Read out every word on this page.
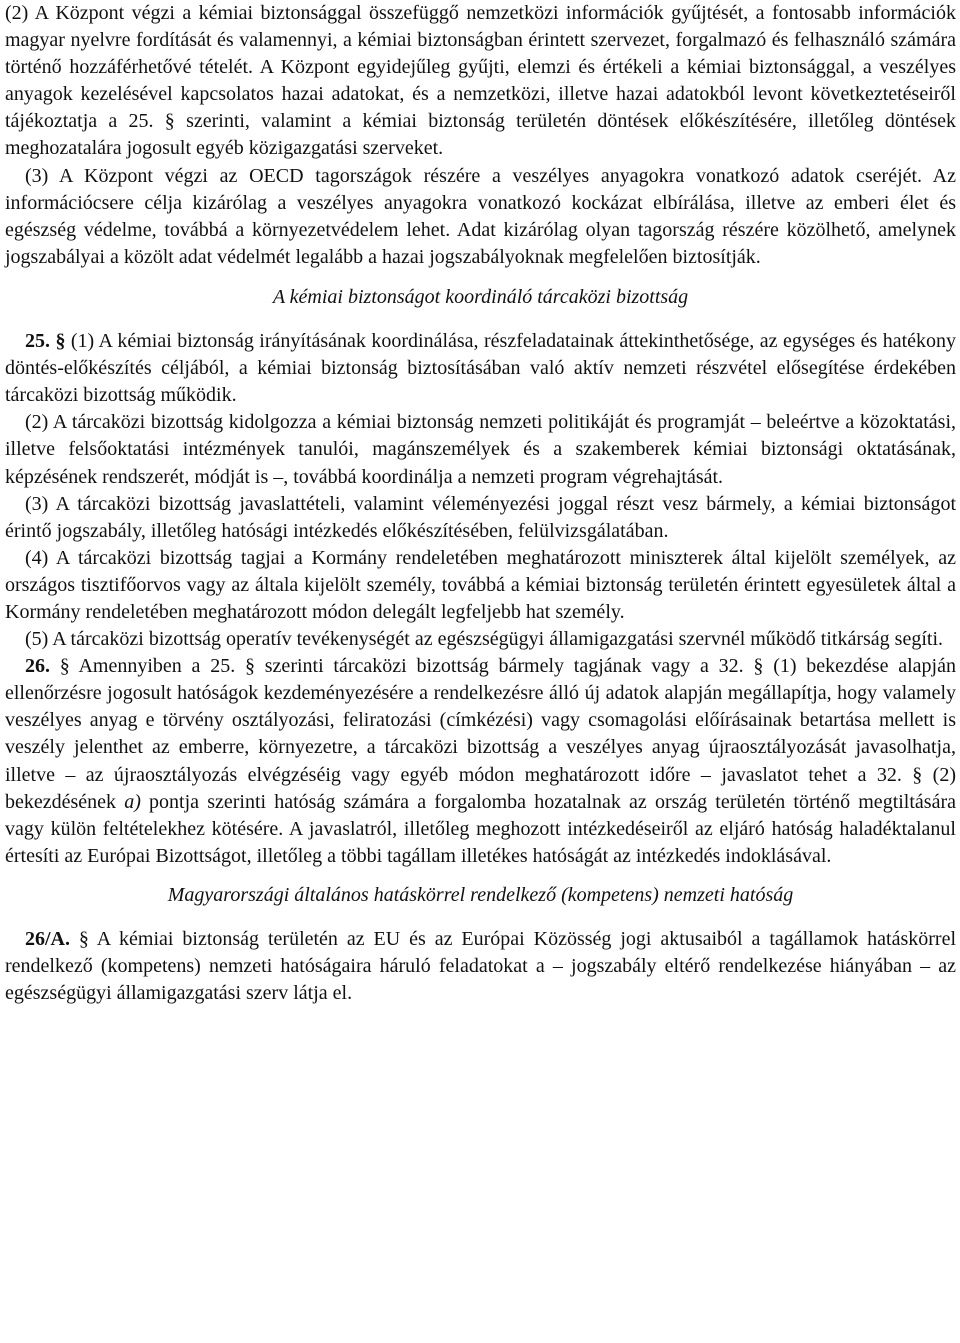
(2) A Központ végzi a kémiai biztonsággal összefüggő nemzetközi információk gyűjtését, a fontosabb információk magyar nyelvre fordítását és valamennyi, a kémiai biztonságban érintett szervezet, forgalmazó és felhasználó számára történő hozzáférhetővé tételét. A Központ egyidejűleg gyűjti, elemzi és értékeli a kémiai biztonsággal, a veszélyes anyagok kezelésével kapcsolatos hazai adatokat, és a nemzetközi, illetve hazai adatokból levont következtetéseiről tájékoztatja a 25. § szerinti, valamint a kémiai biztonság területén döntések előkészítésére, illetőleg döntések meghozatalára jogosult egyéb közigazgatási szerveket.

(3) A Központ végzi az OECD tagországok részére a veszélyes anyagokra vonatkozó adatok cseréjét. Az információcsere célja kizárólag a veszélyes anyagokra vonatkozó kockázat elbírálása, illetve az emberi élet és egészség védelme, továbbá a környezetvédelem lehet. Adat kizárólag olyan tagország részére közölhető, amelynek jogszabályai a közölt adat védelmét legalább a hazai jogszabályoknak megfelelően biztosítják.

A kémiai biztonságot koordináló tárcaközi bizottság

25. § (1) A kémiai biztonság irányításának koordinálása, részfeladatainak áttekinthetősége, az egységes és hatékony döntés-előkészítés céljából, a kémiai biztonság biztosításában való aktív nemzeti részvétel elősegítése érdekében tárcaközi bizottság működik.

(2) A tárcaközi bizottság kidolgozza a kémiai biztonság nemzeti politikáját és programját – beleértve a közoktatási, illetve felsőoktatási intézmények tanulói, magánszemélyek és a szakemberek kémiai biztonsági oktatásának, képzésének rendszerét, módját is –, továbbá koordinálja a nemzeti program végrehajtását.

(3) A tárcaközi bizottság javaslattételi, valamint véleményezési joggal részt vesz bármely, a kémiai biztonságot érintő jogszabály, illetőleg hatósági intézkedés előkészítésében, felülvizsgálatában.

(4) A tárcaközi bizottság tagjai a Kormány rendeletében meghatározott miniszterek által kijelölt személyek, az országos tisztifőorvos vagy az általa kijelölt személy, továbbá a kémiai biztonság területén érintett egyesületek által a Kormány rendeletében meghatározott módon delegált legfeljebb hat személy.

(5) A tárcaközi bizottság operatív tevékenységét az egészségügyi államigazgatási szervnél működő titkárság segíti.

26. § Amennyiben a 25. § szerinti tárcaközi bizottság bármely tagjának vagy a 32. § (1) bekezdése alapján ellenőrzésre jogosult hatóságok kezdeményezésére a rendelkezésre álló új adatok alapján megállapítja, hogy valamely veszélyes anyag e törvény osztályozási, feliratozási (címkézési) vagy csomagolási előírásainak betartása mellett is veszély jelenthet az emberre, környezetre, a tárcaközi bizottság a veszélyes anyag újraosztályozását javasolhatja, illetve – az újraosztályozás elvégzéséig vagy egyéb módon meghatározott időre – javaslatot tehet a 32. § (2) bekezdésének a) pontja szerinti hatóság számára a forgalomba hozatalnak az ország területén történő megtiltására vagy külön feltételekhez kötésére. A javaslatról, illetőleg meghozott intézkedéseiről az eljáró hatóság haladéktalanul értesíti az Európai Bizottságot, illetőleg a többi tagállam illetékes hatóságát az intézkedés indoklásával.

Magyarországi általános hatáskörrel rendelkező (kompetens) nemzeti hatóság

26/A. § A kémiai biztonság területén az EU és az Európai Közösség jogi aktusaiból a tagállamok hatáskörrel rendelkező (kompetens) nemzeti hatóságaira háruló feladatokat a – jogszabály eltérő rendelkezése hiányában – az egészségügyi államigazgatási szerv látja el.
